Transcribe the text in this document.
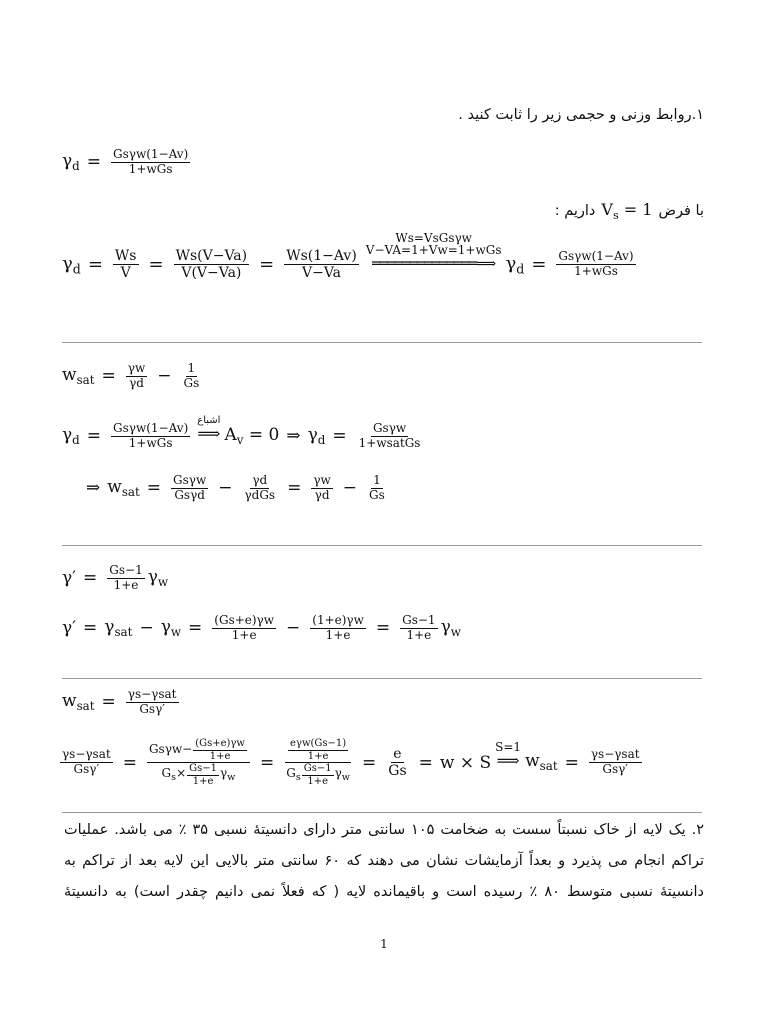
۱.روابط وزنی و حجمی زیر را ثابت کنید .
$\gamma_d = \frac{\text{Gsγw(1−Av)}}{\text{1+wGs}}$
با فرض
$V_s = 1$
داریم :
$\gamma_d = \frac{Ws}{V} = \frac{Ws(V-Va)}{V(V-Va)} = \frac{Ws(1-Av)}{V-Va}$
Ws=VsGsγw
V−VA=1+Vw=1+wGs
══════════════⟹ $\gamma_d = \frac{\text{Gsγw(1−Av)}}{\text{1+wGs}}$
$w_{sat} = \frac{\gamma w}{\gamma d} - \frac{1}{Gs}$
$\gamma_d = \frac{\text{Gsγw(1−Av)}}{\text{1+wGs}}$
اشباع
⟹ $A_v = 0$ ⇒ $\gamma_d = \frac{\text{Gsγw}}{\text{1+wsatGs}}$
⇒ $w_{sat} = \frac{\text{Gsγw}}{\text{Gsγd}} - \frac{\gamma d}{\text{γdGs}} = \frac{\gamma w}{\gamma d} - \frac{1}{Gs}$
$\gamma' = \frac{Gs-1}{1+e} \gamma_w$
$\gamma' = \gamma_{sat} - \gamma_w = \frac{(Gs+e)\gamma w}{1+e} - \frac{(1+e)\gamma w}{1+e} = \frac{Gs-1}{1+e} \gamma_w$
$w_{sat} = \frac{\text{γs−γsat}}{\text{Gsγ′}}$
$\frac{\text{γs−γsat}}{\text{Gsγ′}} = \frac{Gs\gamma w - \frac{(Gs+e)\gamma w}{1+e}}{G_s\times \frac{Gs-1}{1+e} \gamma_w} = \frac{\frac{\text{eγw(Gs−1)}}{1+e}}{G_s \frac{Gs-1}{1+e} \gamma_w} = \frac{e}{Gs} = w \times S$
S=1
⟹ $w_{sat} = \frac{\text{γs−γsat}}{\text{Gsγ′}}$
۲. یک لایه از خاک نسبتاً سست به ضخامت ۱۰۵ سانتی متر دارای دانسیتهٔ نسبی ۳۵ ٪ می باشد. عملیات
تراکم انجام می پذیرد و بعداً آزمایشات نشان می دهند که ۶۰ سانتی متر بالایی این لایه بعد از تراکم به
دانسیتهٔ نسبی متوسط ۸۰ ٪ رسیده است و باقیمانده لایه ( که فعلاً نمی دانیم چقدر است) به دانسیتهٔ
1
